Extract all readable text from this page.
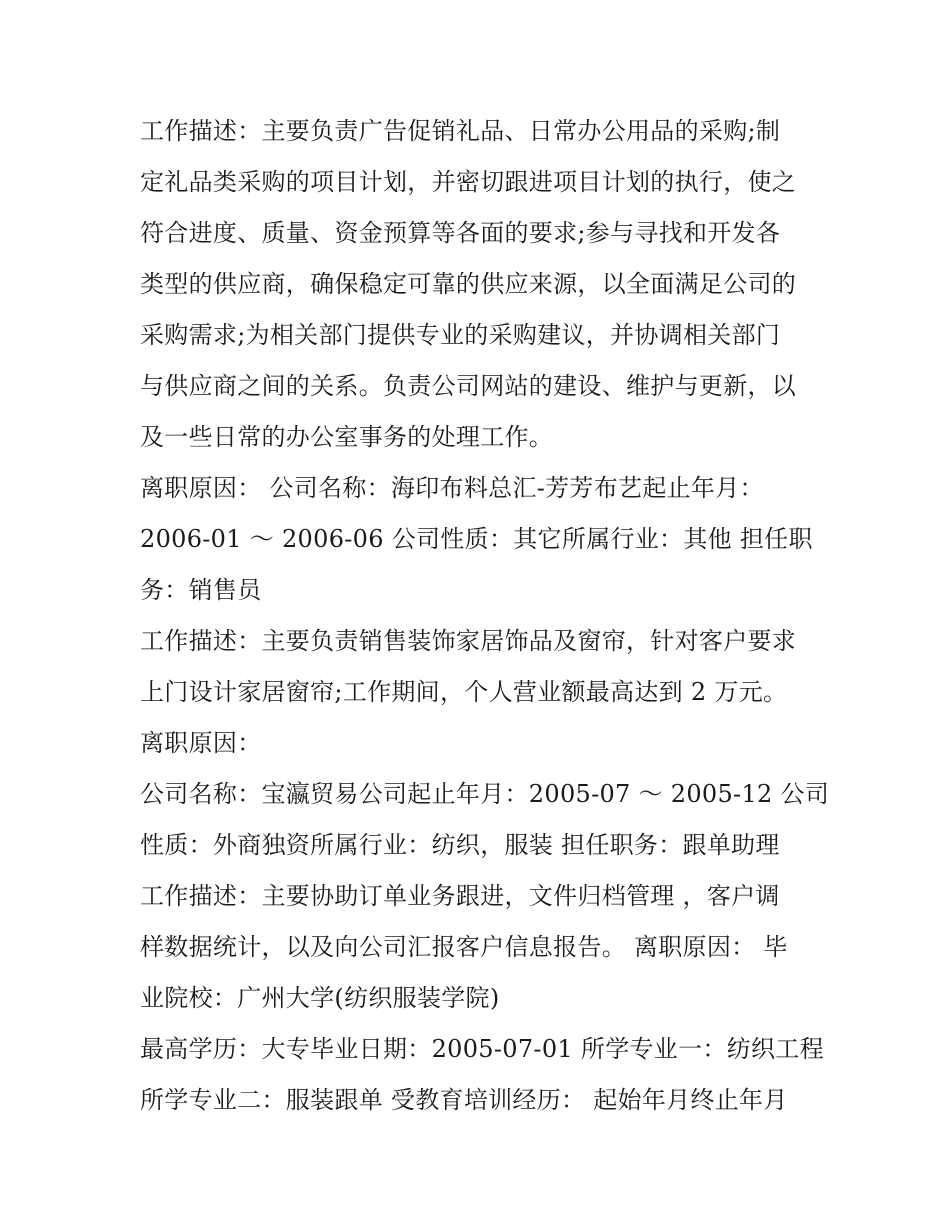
工作描述：主要负责广告促销礼品、日常办公用品的采购;制
定礼品类采购的项目计划，并密切跟进项目计划的执行，使之
符合进度、质量、资金预算等各面的要求;参与寻找和开发各
类型的供应商，确保稳定可靠的供应来源，以全面满足公司的
采购需求;为相关部门提供专业的采购建议，并协调相关部门
与供应商之间的关系。负责公司网站的建设、维护与更新，以
及一些日常的办公室事务的处理工作。
离职原因： 公司名称：海印布料总汇-芳芳布艺起止年月：
2006-01 ～ 2006-06 公司性质：其它所属行业：其他 担任职
务：销售员
工作描述：主要负责销售装饰家居饰品及窗帘，针对客户要求
上门设计家居窗帘;工作期间，个人营业额最高达到 2 万元。
离职原因：
公司名称：宝瀛贸易公司起止年月：2005-07 ～ 2005-12 公司
性质：外商独资所属行业：纺织，服装 担任职务：跟单助理
工作描述：主要协助订单业务跟进，文件归档管理 ，客户调
样数据统计，以及向公司汇报客户信息报告。 离职原因： 毕
业院校：广州大学(纺织服装学院)
最高学历：大专毕业日期：2005-07-01 所学专业一：纺织工程
所学专业二：服装跟单 受教育培训经历： 起始年月终止年月
